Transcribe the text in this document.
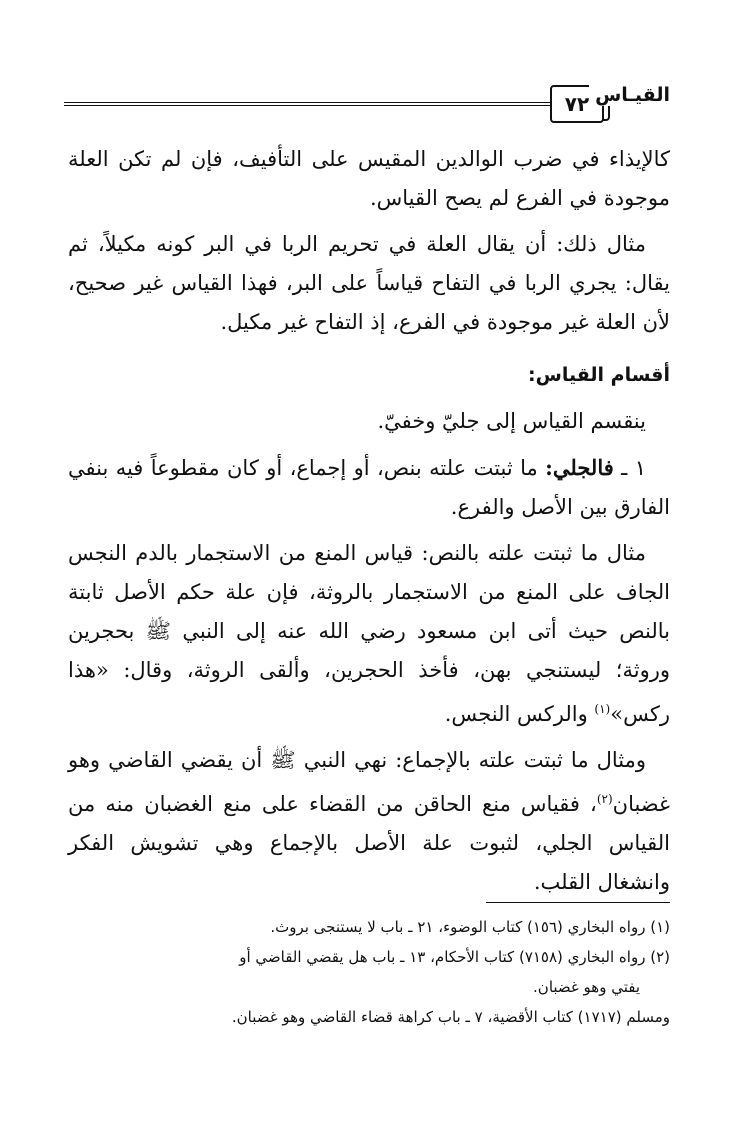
٧٢ القيـاس

كالإيذاء في ضرب الوالدين المقيس على التأفيف، فإن لم تكن العلة موجودة في الفرع لم يصح القياس.

مثال ذلك: أن يقال العلة في تحريم الربا في البر كونه مكيلاً، ثم يقال: يجري الربا في التفاح قياساً على البر، فهذا القياس غير صحيح، لأن العلة غير موجودة في الفرع، إذ التفاح غير مكيل.

أقسام القياس:

ينقسم القياس إلى جليّ وخفيّ.

١ ـ فالجلي: ما ثبتت علته بنص، أو إجماع، أو كان مقطوعاً فيه بنفي الفارق بين الأصل والفرع.

مثال ما ثبتت علته بالنص: قياس المنع من الاستجمار بالدم النجس الجاف على المنع من الاستجمار بالروثة، فإن علة حكم الأصل ثابتة بالنص حيث أتى ابن مسعود رضي الله عنه إلى النبي ﷺ بحجرين وروثة؛ ليستنجي بهن، فأخذ الحجرين، وألقى الروثة، وقال: «هذا ركس»$^{(١)}$ والركس النجس.

ومثال ما ثبتت علته بالإجماع: نهي النبي ﷺ أن يقضي القاضي وهو غضبان$^{(٢)}$، فقياس منع الحاقن من القضاء على منع الغضبان منه من القياس الجلي، لثبوت علة الأصل بالإجماع وهي تشويش الفكر وانشغال القلب.

(١) رواه البخاري (١٥٦) كتاب الوضوء، ٢١ ـ باب لا يستنجى بروث.

(٢) رواه البخاري (٧١٥٨) كتاب الأحكام، ١٣ ـ باب هل يقضي القاضي أو

يفتي وهو غضبان.

ومسلم (١٧١٧) كتاب الأقضية، ٧ ـ باب كراهة قضاء القاضي وهو غضبان.
